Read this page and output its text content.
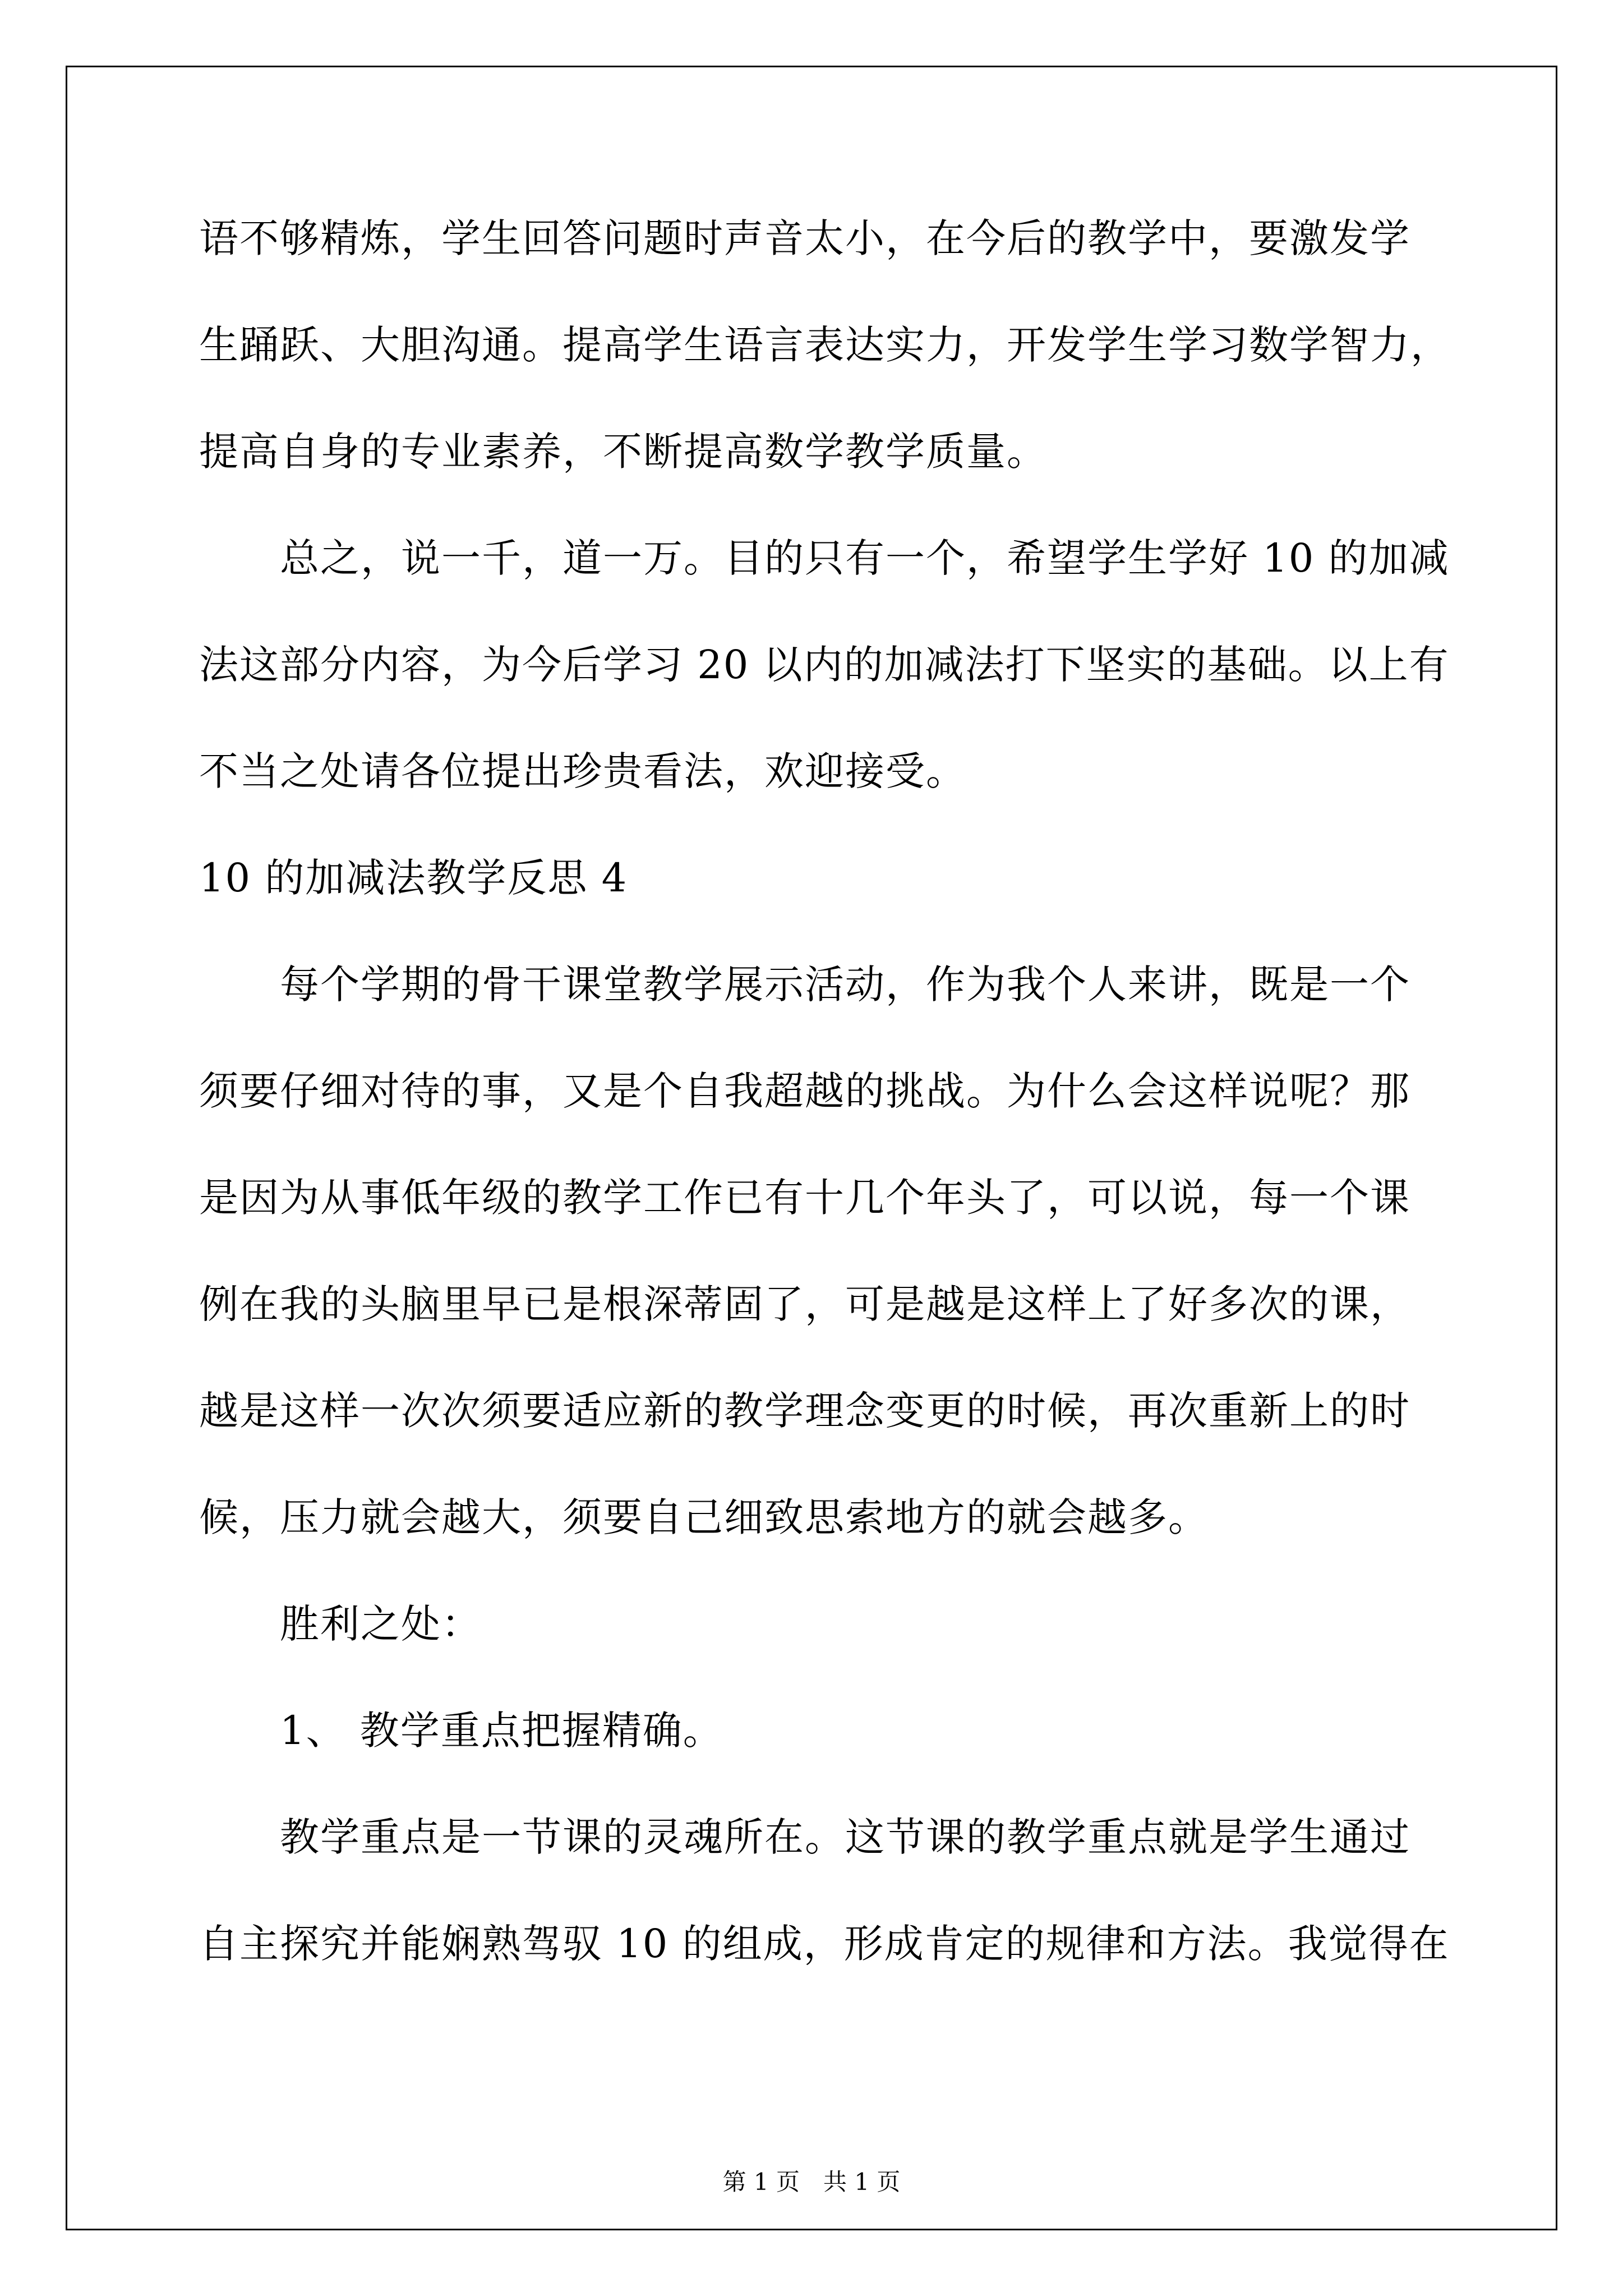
语不够精炼，学生回答问题时声音太小，在今后的教学中，要激发学
生踊跃、大胆沟通。提高学生语言表达实力，开发学生学习数学智力，
提高自身的专业素养，不断提高数学教学质量。
　　总之，说一千，道一万。目的只有一个，希望学生学好 10 的加减
法这部分内容，为今后学习 20 以内的加减法打下坚实的基础。以上有
不当之处请各位提出珍贵看法，欢迎接受。
10 的加减法教学反思 4
　　每个学期的骨干课堂教学展示活动，作为我个人来讲，既是一个
须要仔细对待的事，又是个自我超越的挑战。为什么会这样说呢？那
是因为从事低年级的教学工作已有十几个年头了，可以说，每一个课
例在我的头脑里早已是根深蒂固了，可是越是这样上了好多次的课，
越是这样一次次须要适应新的教学理念变更的时候，再次重新上的时
候，压力就会越大，须要自己细致思索地方的就会越多。
　　胜利之处：
　　1、 教学重点把握精确。
　　教学重点是一节课的灵魂所在。这节课的教学重点就是学生通过
自主探究并能娴熟驾驭 10 的组成，形成肯定的规律和方法。我觉得在
第 1 页　共 1 页
